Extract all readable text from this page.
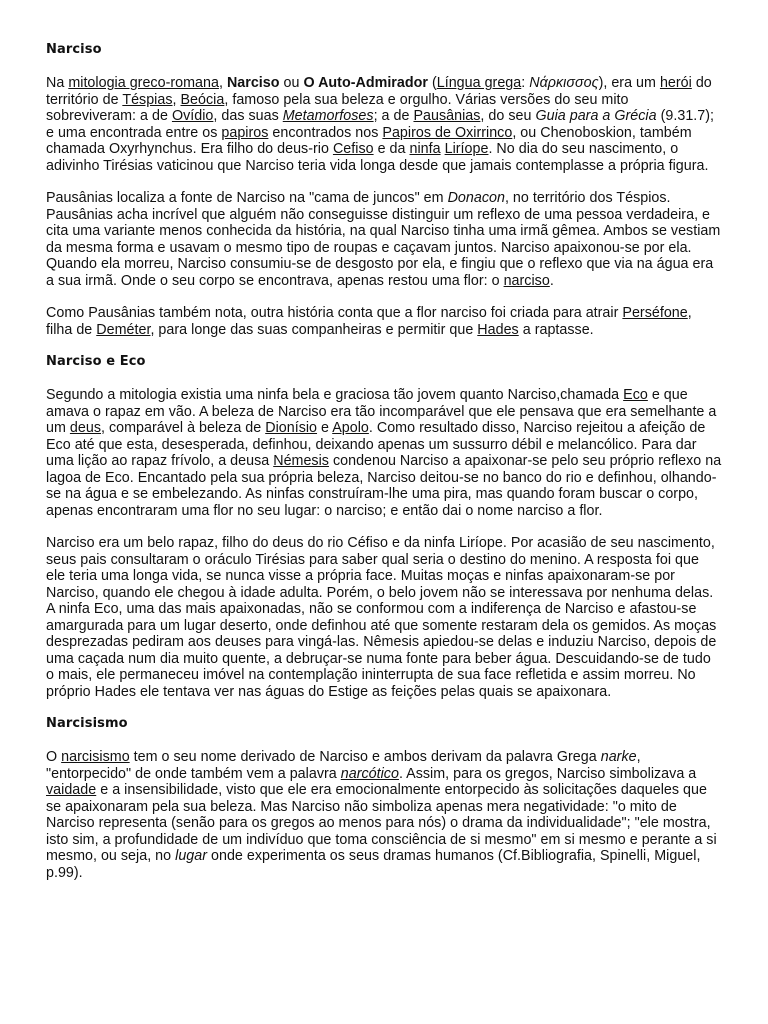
Narciso

Na mitologia greco-romana, Narciso ou O Auto-Admirador (Língua grega: Νάρκισσος), era um herói do território de Téspias, Beócia, famoso pela sua beleza e orgulho. Várias versões do seu mito sobreviveram: a de Ovídio, das suas Metamorfoses; a de Pausânias, do seu Guia para a Grécia (9.31.7); e uma encontrada entre os papiros encontrados nos Papiros de Oxirrinco, ou Chenoboskion, também chamada Oxyrhynchus. Era filho do deus-rio Cefiso e da ninfa Liríope. No dia do seu nascimento, o adivinho Tirésias vaticinou que Narciso teria vida longa desde que jamais contemplasse a própria figura.

Pausânias localiza a fonte de Narciso na "cama de juncos" em Donacon, no território dos Téspios. Pausânias acha incrível que alguém não conseguisse distinguir um reflexo de uma pessoa verdadeira, e cita uma variante menos conhecida da história, na qual Narciso tinha uma irmã gêmea. Ambos se vestiam da mesma forma e usavam o mesmo tipo de roupas e caçavam juntos. Narciso apaixonou-se por ela. Quando ela morreu, Narciso consumiu-se de desgosto por ela, e fingiu que o reflexo que via na água era a sua irmã. Onde o seu corpo se encontrava, apenas restou uma flor: o narciso.

Como Pausânias também nota, outra história conta que a flor narciso foi criada para atrair Perséfone, filha de Deméter, para longe das suas companheiras e permitir que Hades a raptasse.

Narciso e Eco

Segundo a mitologia existia uma ninfa bela e graciosa tão jovem quanto Narciso,chamada Eco e que amava o rapaz em vão. A beleza de Narciso era tão incomparável que ele pensava que era semelhante a um deus, comparável à beleza de Dionísio e Apolo. Como resultado disso, Narciso rejeitou a afeição de Eco até que esta, desesperada, definhou, deixando apenas um sussurro débil e melancólico. Para dar uma lição ao rapaz frívolo, a deusa Némesis condenou Narciso a apaixonar-se pelo seu próprio reflexo na lagoa de Eco. Encantado pela sua própria beleza, Narciso deitou-se no banco do rio e definhou, olhando-se na água e se embelezando. As ninfas construíram-lhe uma pira, mas quando foram buscar o corpo, apenas encontraram uma flor no seu lugar: o narciso; e então dai o nome narciso a flor.

Narciso era um belo rapaz, filho do deus do rio Céfiso e da ninfa Liríope. Por acasião de seu nascimento, seus pais consultaram o oráculo Tirésias para saber qual seria o destino do menino. A resposta foi que ele teria uma longa vida, se nunca visse a própria face. Muitas moças e ninfas apaixonaram-se por Narciso, quando ele chegou à idade adulta. Porém, o belo jovem não se interessava por nenhuma delas. A ninfa Eco, uma das mais apaixonadas, não se conformou com a indiferença de Narciso e afastou-se amargurada para um lugar deserto, onde definhou até que somente restaram dela os gemidos. As moças desprezadas pediram aos deuses para vingá-las. Nêmesis apiedou-se delas e induziu Narciso, depois de uma caçada num dia muito quente, a debruçar-se numa fonte para beber água. Descuidando-se de tudo o mais, ele permaneceu imóvel na contemplação ininterrupta de sua face refletida e assim morreu. No próprio Hades ele tentava ver nas águas do Estige as feições pelas quais se apaixonara.

Narcisismo

O narcisismo tem o seu nome derivado de Narciso e ambos derivam da palavra Grega narke, "entorpecido" de onde também vem a palavra narcótico. Assim, para os gregos, Narciso simbolizava a vaidade e a insensibilidade, visto que ele era emocionalmente entorpecido às solicitações daqueles que se apaixonaram pela sua beleza. Mas Narciso não simboliza apenas mera negatividade: "o mito de Narciso representa (senão para os gregos ao menos para nós) o drama da individualidade"; "ele mostra, isto sim, a profundidade de um indivíduo que toma consciência de si mesmo" em si mesmo e perante a si mesmo, ou seja, no lugar onde experimenta os seus dramas humanos (Cf.Bibliografia, Spinelli, Miguel, p.99).
